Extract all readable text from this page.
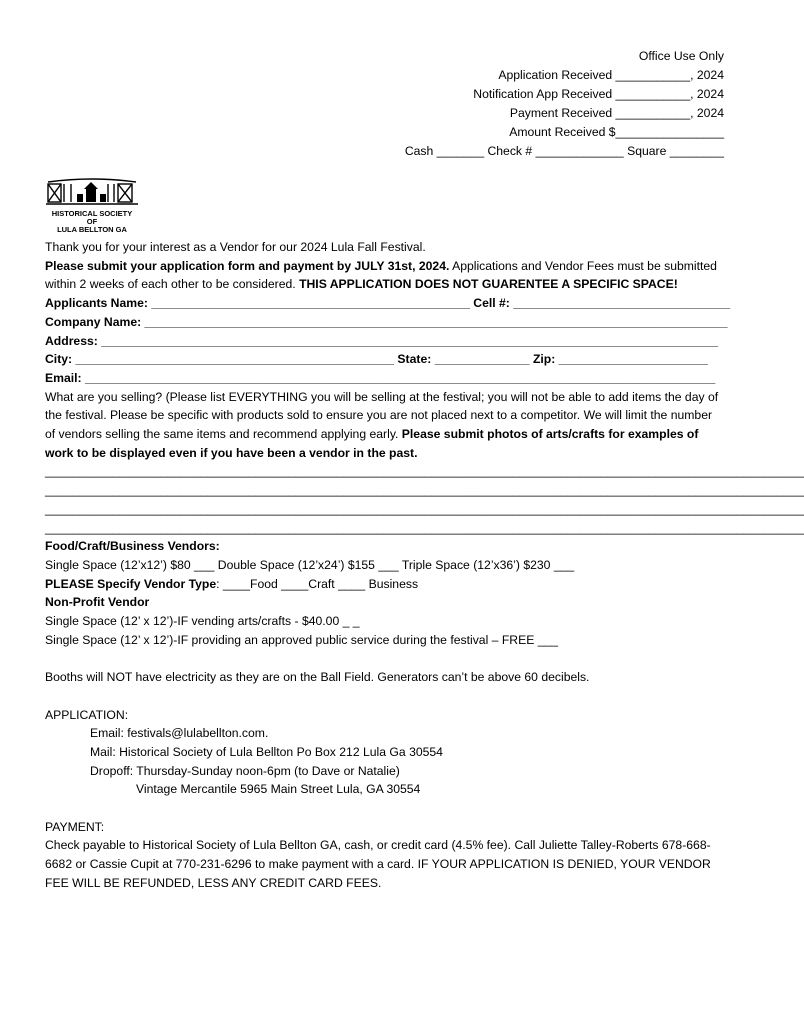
Office Use Only
Application Received ___________, 2024
Notification App Received ___________, 2024
Payment Received ___________, 2024
Amount Received $________________
Cash _______ Check # _____________ Square ________
HISTORICAL SOCIETY
OF
LULA BELLTON GA

Thank you for your interest as a Vendor for our 2024 Lula Fall Festival.

Please submit your application form and payment by JULY 31st, 2024. Applications and Vendor Fees must be submitted within 2 weeks of each other to be considered. THIS APPLICATION DOES NOT GUARENTEE A SPECIFIC SPACE!

Applicants Name: _______________________________________________ Cell #: ________________________________

Company Name: ______________________________________________________________________________________

Address: ___________________________________________________________________________________________

City: _______________________________________________ State: ______________ Zip: ______________________

Email: _____________________________________________________________________________________________

What are you selling? (Please list EVERYTHING you will be selling at the festival; you will not be able to add items the day of the festival. Please be specific with products sold to ensure you are not placed next to a competitor. We will limit the number of vendors selling the same items and recommend applying early. Please submit photos of arts/crafts for examples of work to be displayed even if you have been a vendor in the past.

________________________________________________________________________________________________________________

________________________________________________________________________________________________________________

________________________________________________________________________________________________________________

________________________________________________________________________________________________________________

Food/Craft/Business Vendors:

Single Space (12’x12’) $80 ___ Double Space (12’x24’) $155 ___ Triple Space (12’x36’) $230 ___

PLEASE Specify Vendor Type: ____Food ____Craft ____ Business

Non-Profit Vendor

Single Space (12’ x 12’)-IF vending arts/crafts - $40.00 _ _

Single Space (12’ x 12’)-IF providing an approved public service during the festival – FREE ___

Booths will NOT have electricity as they are on the Ball Field. Generators can’t be above 60 decibels.

APPLICATION:

Email: festivals@lulabellton.com.

Mail: Historical Society of Lula Bellton Po Box 212 Lula Ga 30554

Dropoff: Thursday-Sunday noon-6pm (to Dave or Natalie)

Vintage Mercantile 5965 Main Street Lula, GA 30554

PAYMENT:

Check payable to Historical Society of Lula Bellton GA, cash, or credit card (4.5% fee). Call Juliette Talley-Roberts 678-668-6682 or Cassie Cupit at 770-231-6296 to make payment with a card. IF YOUR APPLICATION IS DENIED, YOUR VENDOR FEE WILL BE REFUNDED, LESS ANY CREDIT CARD FEES.
